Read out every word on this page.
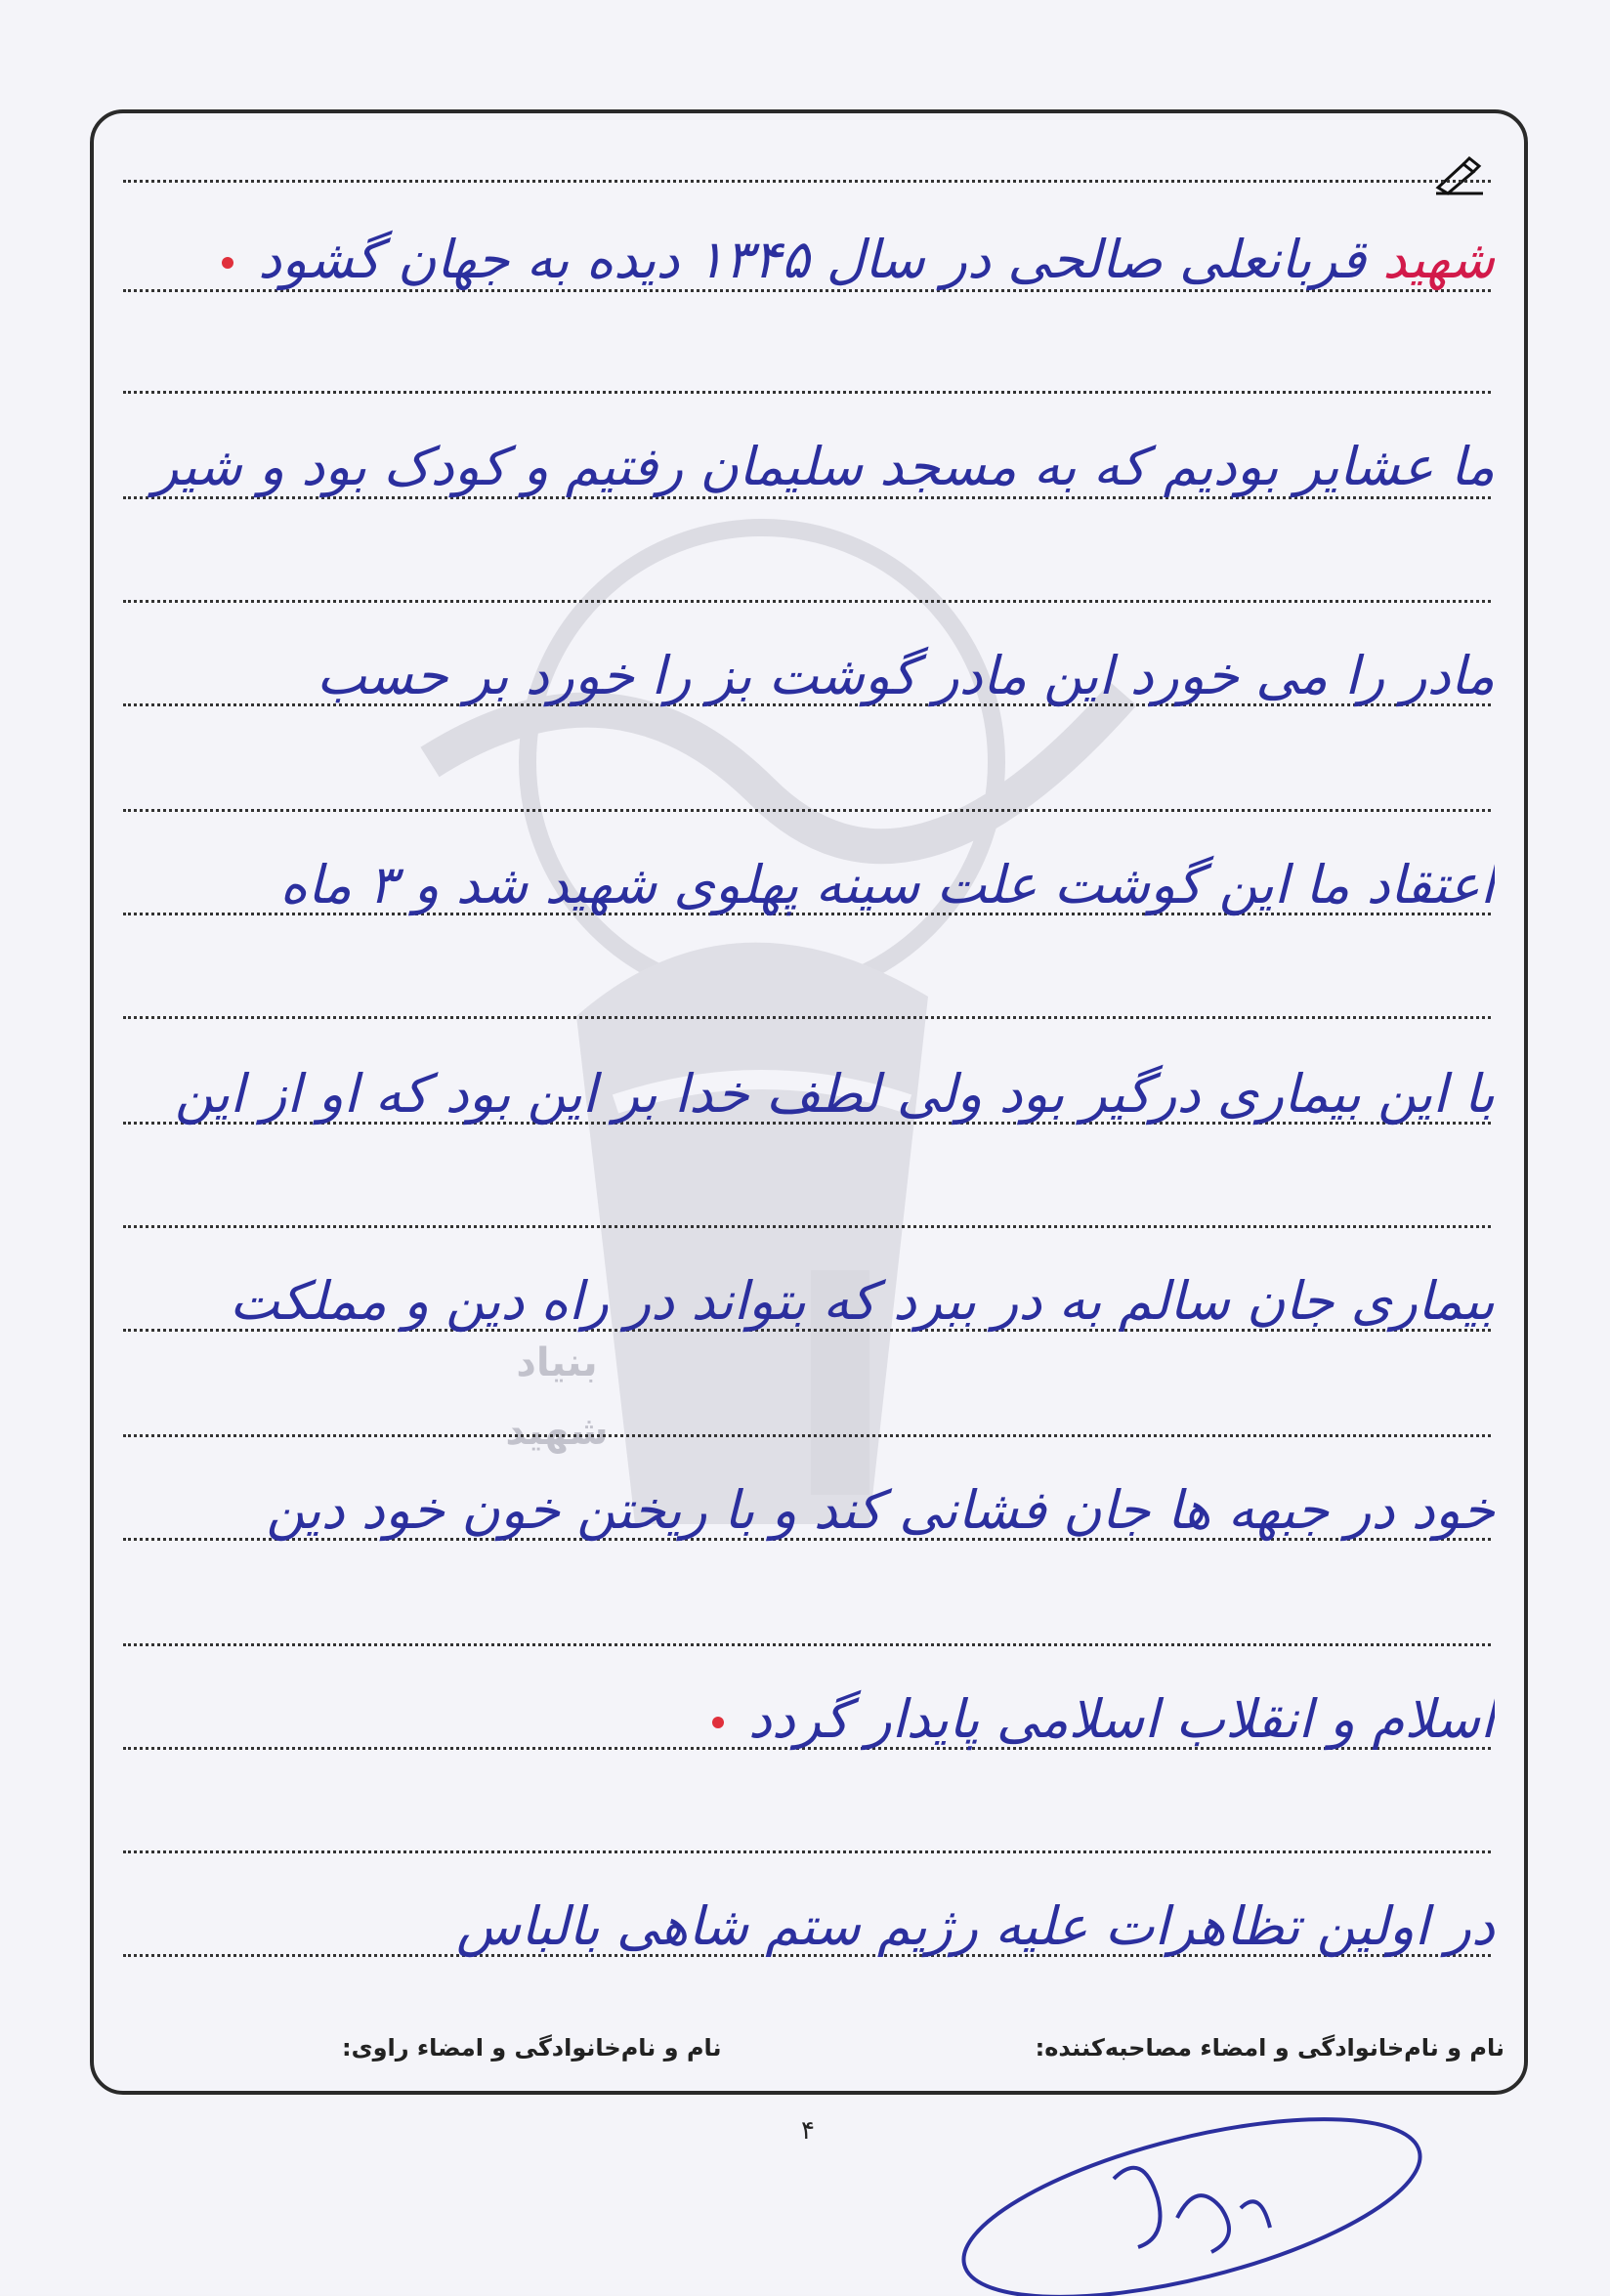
بنیاد شهید
شهید قربانعلی صالحی در سال ۱۳۴۵ دیده به جهان گشود
ما عشایر بودیم که به مسجد سلیمان رفتیم و کودک بود و شیر
مادر را می خورد این مادر گوشت بز را خورد بر حسب
اعتقاد ما این گوشت علت سینه پهلوی شهید شد و ۳ ماه
با این بیماری درگیر بود ولی لطف خدا بر این بود که او از این
بیماری جان سالم به در ببرد که بتواند در راه دین و مملکت
خود در جبهه ها جان فشانی کند و با ریختن خون خود دین
اسلام و انقلاب اسلامی پایدار گردد
در اولین تظاهرات علیه رژیم ستم شاهی بالباس
نام و نام‌خانوادگی و امضاء مصاحبه‌کننده:
نام و نام‌خانوادگی و امضاء راوی:
۴
